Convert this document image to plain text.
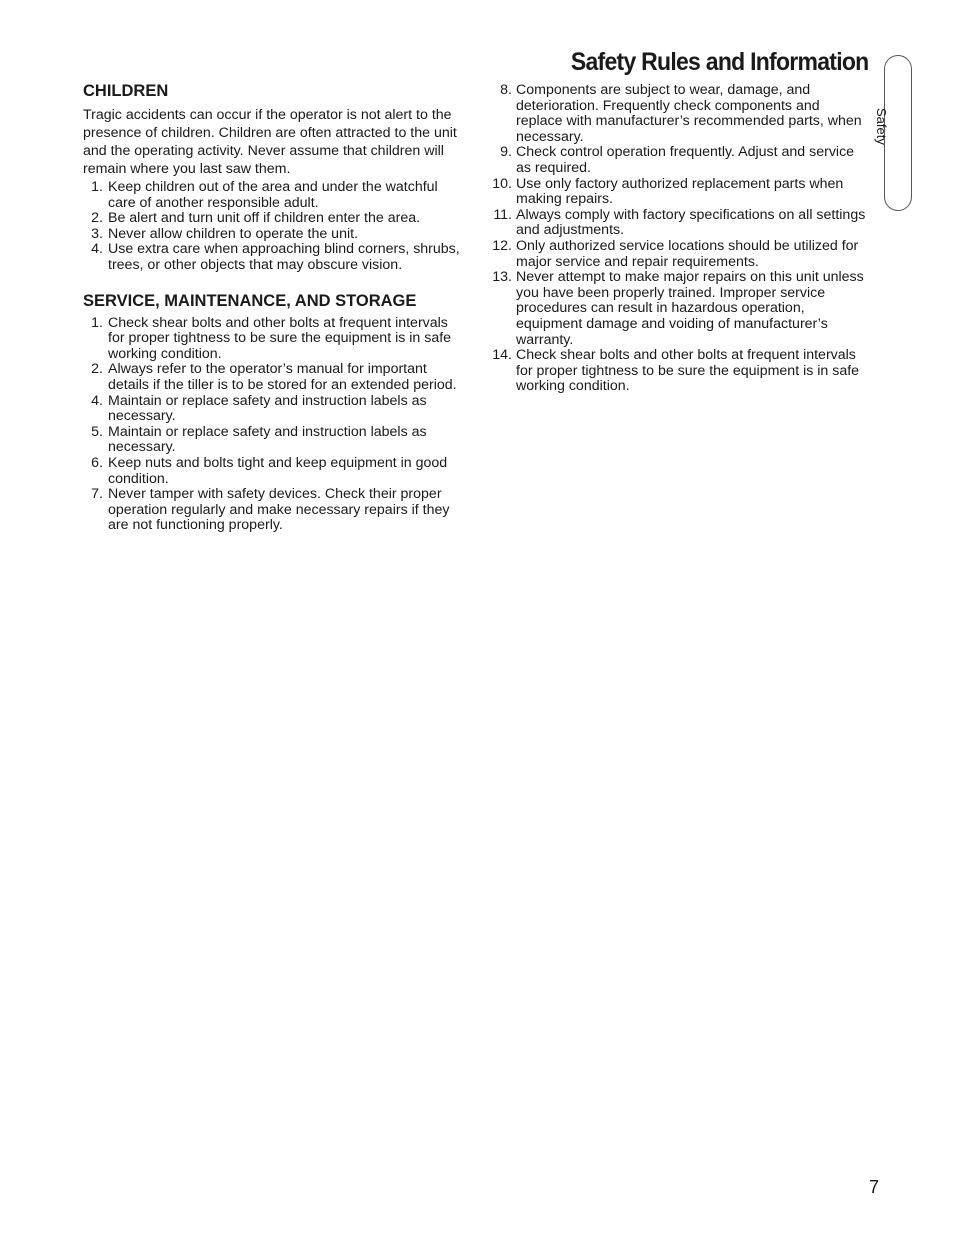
Safety Rules and Information
Safety
CHILDREN

Tragic accidents can occur if the operator is not alert to the presence of children. Children are often attracted to the unit and the operating activity. Never assume that children will remain where you last saw them.

1. Keep children out of the area and under the watchful care of another responsible adult.
2. Be alert and turn unit off if children enter the area.
3. Never allow children to operate the unit.
4. Use extra care when approaching blind corners, shrubs, trees, or other objects that may obscure vision.
SERVICE, MAINTENANCE, AND STORAGE
1. Check shear bolts and other bolts at frequent intervals for proper tightness to be sure the equipment is in safe working condition.
2. Always refer to the operator’s manual for important details if the tiller is to be stored for an extended period.
4. Maintain or replace safety and instruction labels as necessary.
5. Maintain or replace safety and instruction labels as necessary.
6. Keep nuts and bolts tight and keep equipment in good condition.
7. Never tamper with safety devices. Check their proper operation regularly and make necessary repairs if they are not functioning properly.
8. Components are subject to wear, damage, and deterioration. Frequently check components and replace with manufacturer’s recommended parts, when necessary.
9. Check control operation frequently. Adjust and service as required.
10. Use only factory authorized replacement parts when making repairs.
11. Always comply with factory specifications on all settings and adjustments.
12. Only authorized service locations should be utilized for major service and repair requirements.
13. Never attempt to make major repairs on this unit unless you have been properly trained. Improper service procedures can result in hazardous operation, equipment damage and voiding of manufacturer’s warranty.
14. Check shear bolts and other bolts at frequent intervals for proper tightness to be sure the equipment is in safe working condition.

7
